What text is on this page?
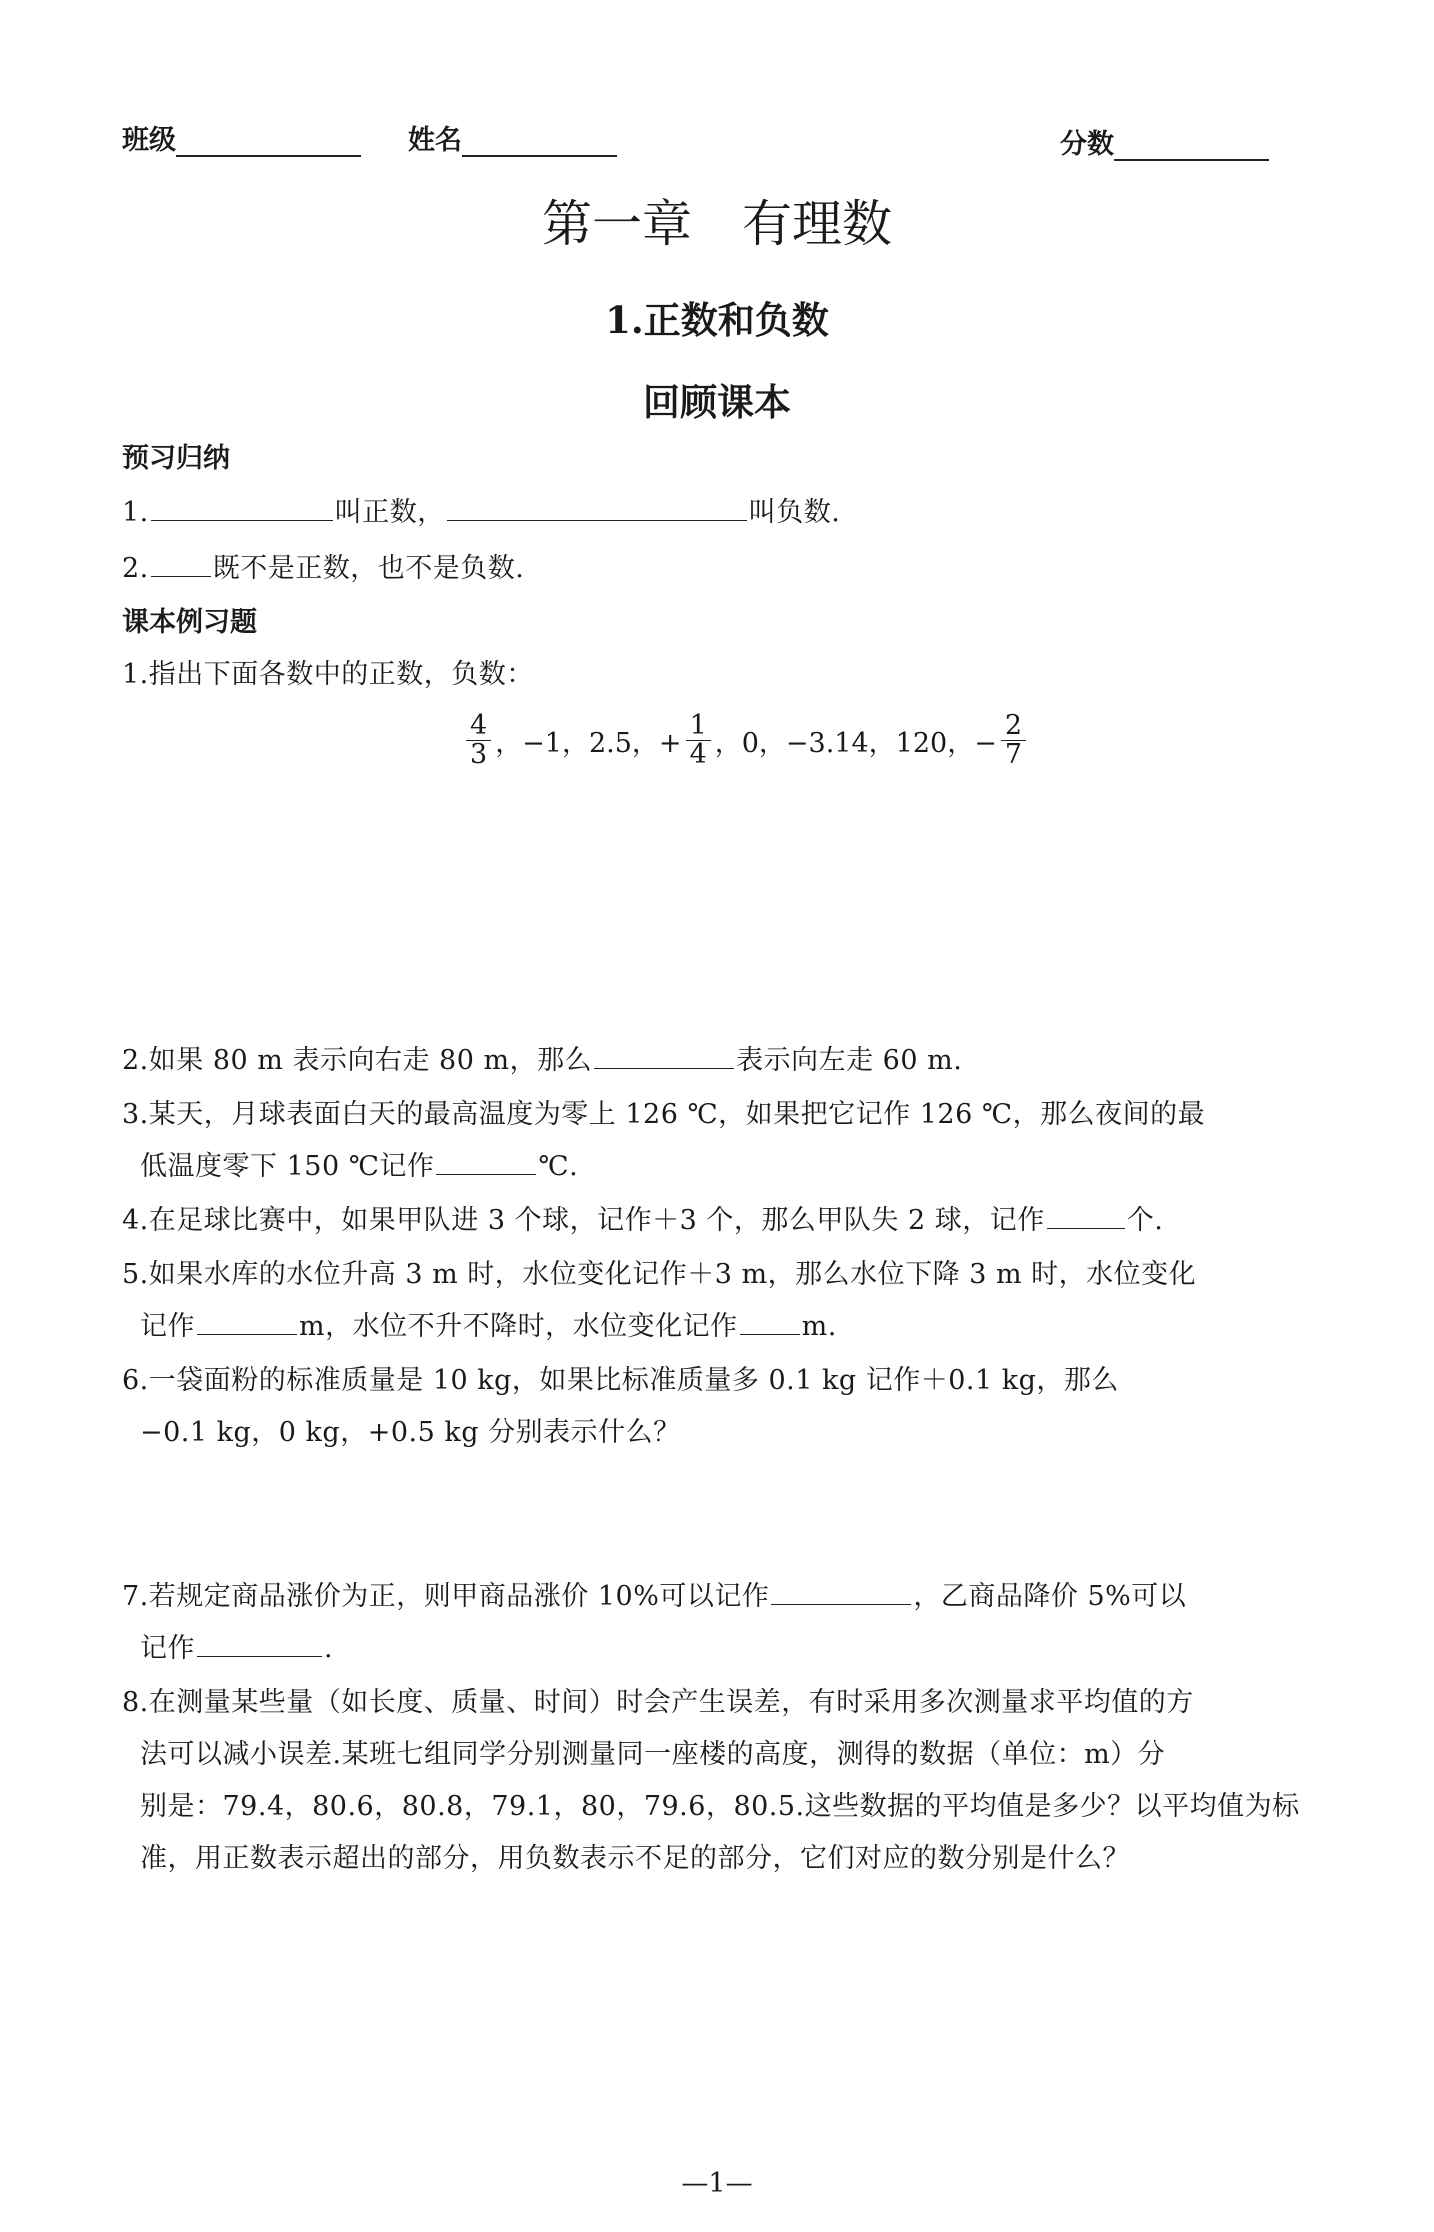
班级	姓名	分数
第一章　有理数
1.正数和负数
回顾课本
预习归纳
1.	叫正数，	叫负数.
2. 既不是正数，也不是负数.
课本例习题
1.指出下面各数中的正数，负数：
$\frac{4}{3}$ ，−1，2.5，+ $\frac{1}{4}$ ，0，−3.14，120，− $\frac{2}{7}$
2.如果 80 m 表示向右走 80 m，那么	表示向左走 60 m.
3.某天，月球表面白天的最高温度为零上 126 ℃，如果把它记作 126 ℃，那么夜间的最
低温度零下 150 ℃记作	℃.
4.在足球比赛中，如果甲队进 3 个球，记作＋3 个，那么甲队失 2 球，记作	个.
5.如果水库的水位升高 3 m 时，水位变化记作＋3 m，那么水位下降 3 m 时，水位变化
记作	m，水位不升不降时，水位变化记作 m.
6.一袋面粉的标准质量是 10 kg，如果比标准质量多 0.1 kg 记作＋0.1 kg，那么
−0.1 kg，0 kg，+0.5 kg 分别表示什么？
7.若规定商品涨价为正，则甲商品涨价 10%可以记作	，乙商品降价 5%可以
记作	.
8.在测量某些量（如长度、质量、时间）时会产生误差，有时采用多次测量求平均值的方
法可以减小误差.某班七组同学分别测量同一座楼的高度，测得的数据（单位：m）分
别是：79.4，80.6，80.8，79.1，80，79.6，80.5.这些数据的平均值是多少？以平均值为标
准，用正数表示超出的部分，用负数表示不足的部分，它们对应的数分别是什么？
—1—
